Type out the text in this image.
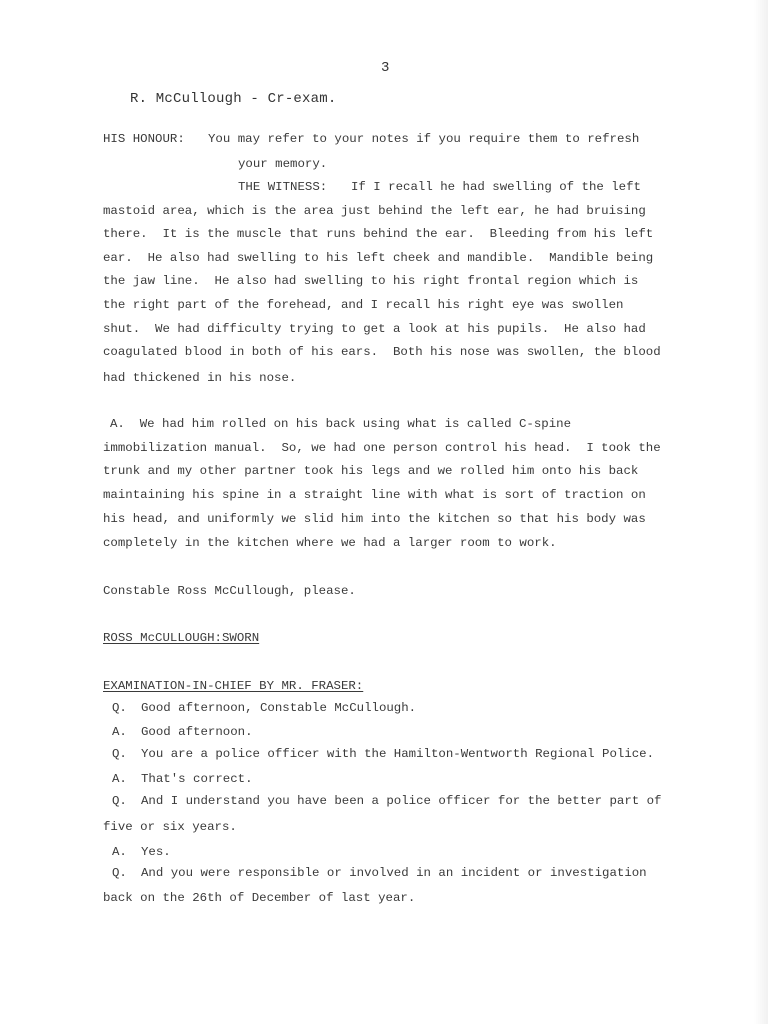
3
R. McCullough - Cr-exam.
HIS HONOUR: You may refer to your notes if you require them to refresh
your memory.
THE WITNESS: If I recall he had swelling of the left
mastoid area, which is the area just behind the left ear, he had bruising
there.  It is the muscle that runs behind the ear.  Bleeding from his left
ear.  He also had swelling to his left cheek and mandible.  Mandible being
the jaw line.  He also had swelling to his right frontal region which is
the right part of the forehead, and I recall his right eye was swollen
shut.  We had difficulty trying to get a look at his pupils.  He also had
coagulated blood in both of his ears.  Both his nose was swollen, the blood
had thickened in his nose.
A.  We had him rolled on his back using what is called C-spine
immobilization manual.  So, we had one person control his head.  I took the
trunk and my other partner took his legs and we rolled him onto his back
maintaining his spine in a straight line with what is sort of traction on
his head, and uniformly we slid him into the kitchen so that his body was
completely in the kitchen where we had a larger room to work.
Constable Ross McCullough, please.
ROSS McCULLOUGH:SWORN
EXAMINATION-IN-CHIEF BY MR. FRASER:
Q. Good afternoon, Constable McCullough.
A. Good afternoon.
Q. You are a police officer with the Hamilton-Wentworth Regional Police.
A. That's correct.
Q. And I understand you have been a police officer for the better part of
five or six years.
A. Yes.
Q. And you were responsible or involved in an incident or investigation
back on the 26th of December of last year.
